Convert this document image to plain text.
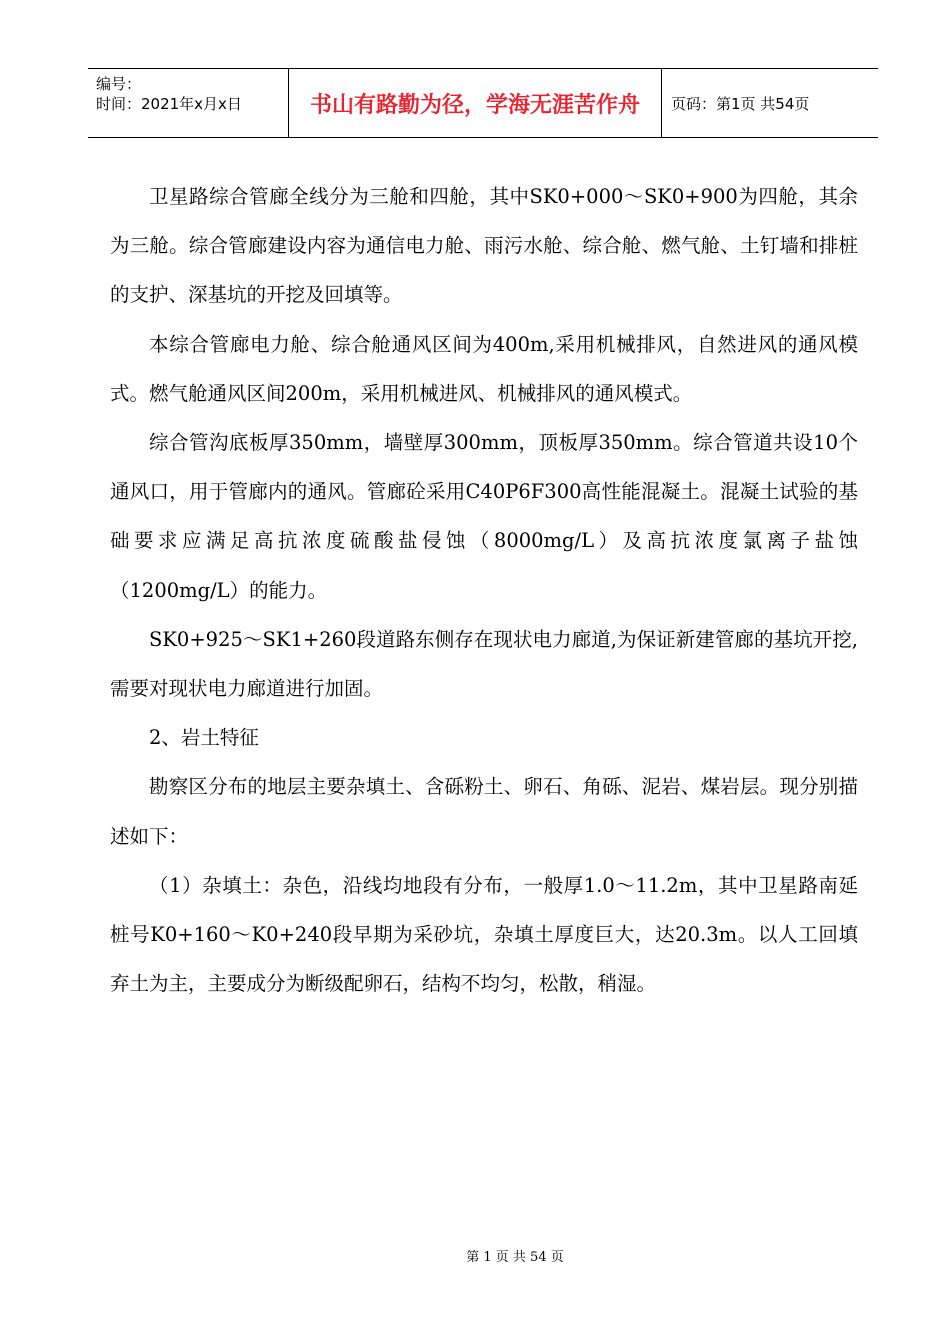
编号：
时间：2021年x月x日	书山有路勤为径，学海无涯苦作舟	页码：第1页 共54页

卫星路综合管廊全线分为三舱和四舱，其中SK0+000～SK0+900为四舱，其余为三舱。综合管廊建设内容为通信电力舱、雨污水舱、综合舱、燃气舱、土钉墙和排桩的支护、深基坑的开挖及回填等。

本综合管廊电力舱、综合舱通风区间为400m,采用机械排风，自然进风的通风模式。燃气舱通风区间200m，采用机械进风、机械排风的通风模式。

综合管沟底板厚350mm，墙壁厚300mm，顶板厚350mm。综合管道共设10个通风口，用于管廊内的通风。管廊砼采用C40P6F300高性能混凝土。混凝土试验的基础要求应满足高抗浓度硫酸盐侵蚀（8000mg/L）及高抗浓度氯离子盐蚀（1200mg/L）的能力。

SK0+925～SK1+260段道路东侧存在现状电力廊道,为保证新建管廊的基坑开挖,需要对现状电力廊道进行加固。

2、岩土特征

勘察区分布的地层主要杂填土、含砾粉土、卵石、角砾、泥岩、煤岩层。现分别描述如下：

（1）杂填土：杂色，沿线均地段有分布，一般厚1.0～11.2m，其中卫星路南延桩号K0+160～K0+240段早期为采砂坑，杂填土厚度巨大，达20.3m。以人工回填弃土为主，主要成分为断级配卵石，结构不均匀，松散，稍湿。

第 1 页 共 54 页
